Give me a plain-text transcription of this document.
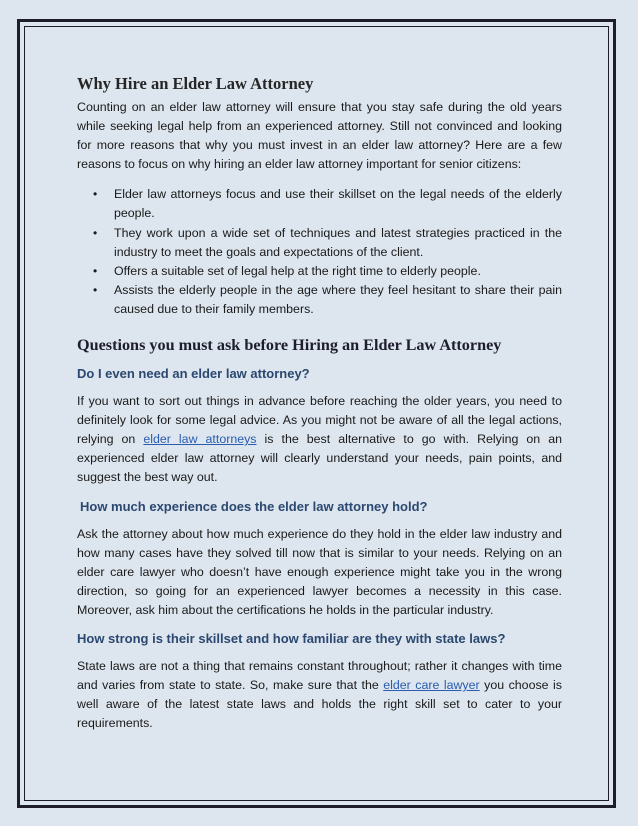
Why Hire an Elder Law Attorney

Counting on an elder law attorney will ensure that you stay safe during the old years while seeking legal help from an experienced attorney. Still not convinced and looking for more reasons that why you must invest in an elder law attorney? Here are a few reasons to focus on why hiring an elder law attorney important for senior citizens:

• Elder law attorneys focus and use their skillset on the legal needs of the elderly people.
• They work upon a wide set of techniques and latest strategies practiced in the industry to meet the goals and expectations of the client.
• Offers a suitable set of legal help at the right time to elderly people.
• Assists the elderly people in the age where they feel hesitant to share their pain caused due to their family members.
Questions you must ask before Hiring an Elder Law Attorney
Do I even need an elder law attorney?

If you want to sort out things in advance before reaching the older years, you need to definitely look for some legal advice. As you might not be aware of all the legal actions, relying on elder law attorneys is the best alternative to go with. Relying on an experienced elder law attorney will clearly understand your needs, pain points, and suggest the best way out.

How much experience does the elder law attorney hold?

Ask the attorney about how much experience do they hold in the elder law industry and how many cases have they solved till now that is similar to your needs. Relying on an elder care lawyer who doesn’t have enough experience might take you in the wrong direction, so going for an experienced lawyer becomes a necessity in this case. Moreover, ask him about the certifications he holds in the particular industry.

How strong is their skillset and how familiar are they with state laws?

State laws are not a thing that remains constant throughout; rather it changes with time and varies from state to state. So, make sure that the elder care lawyer you choose is well aware of the latest state laws and holds the right skill set to cater to your requirements.
